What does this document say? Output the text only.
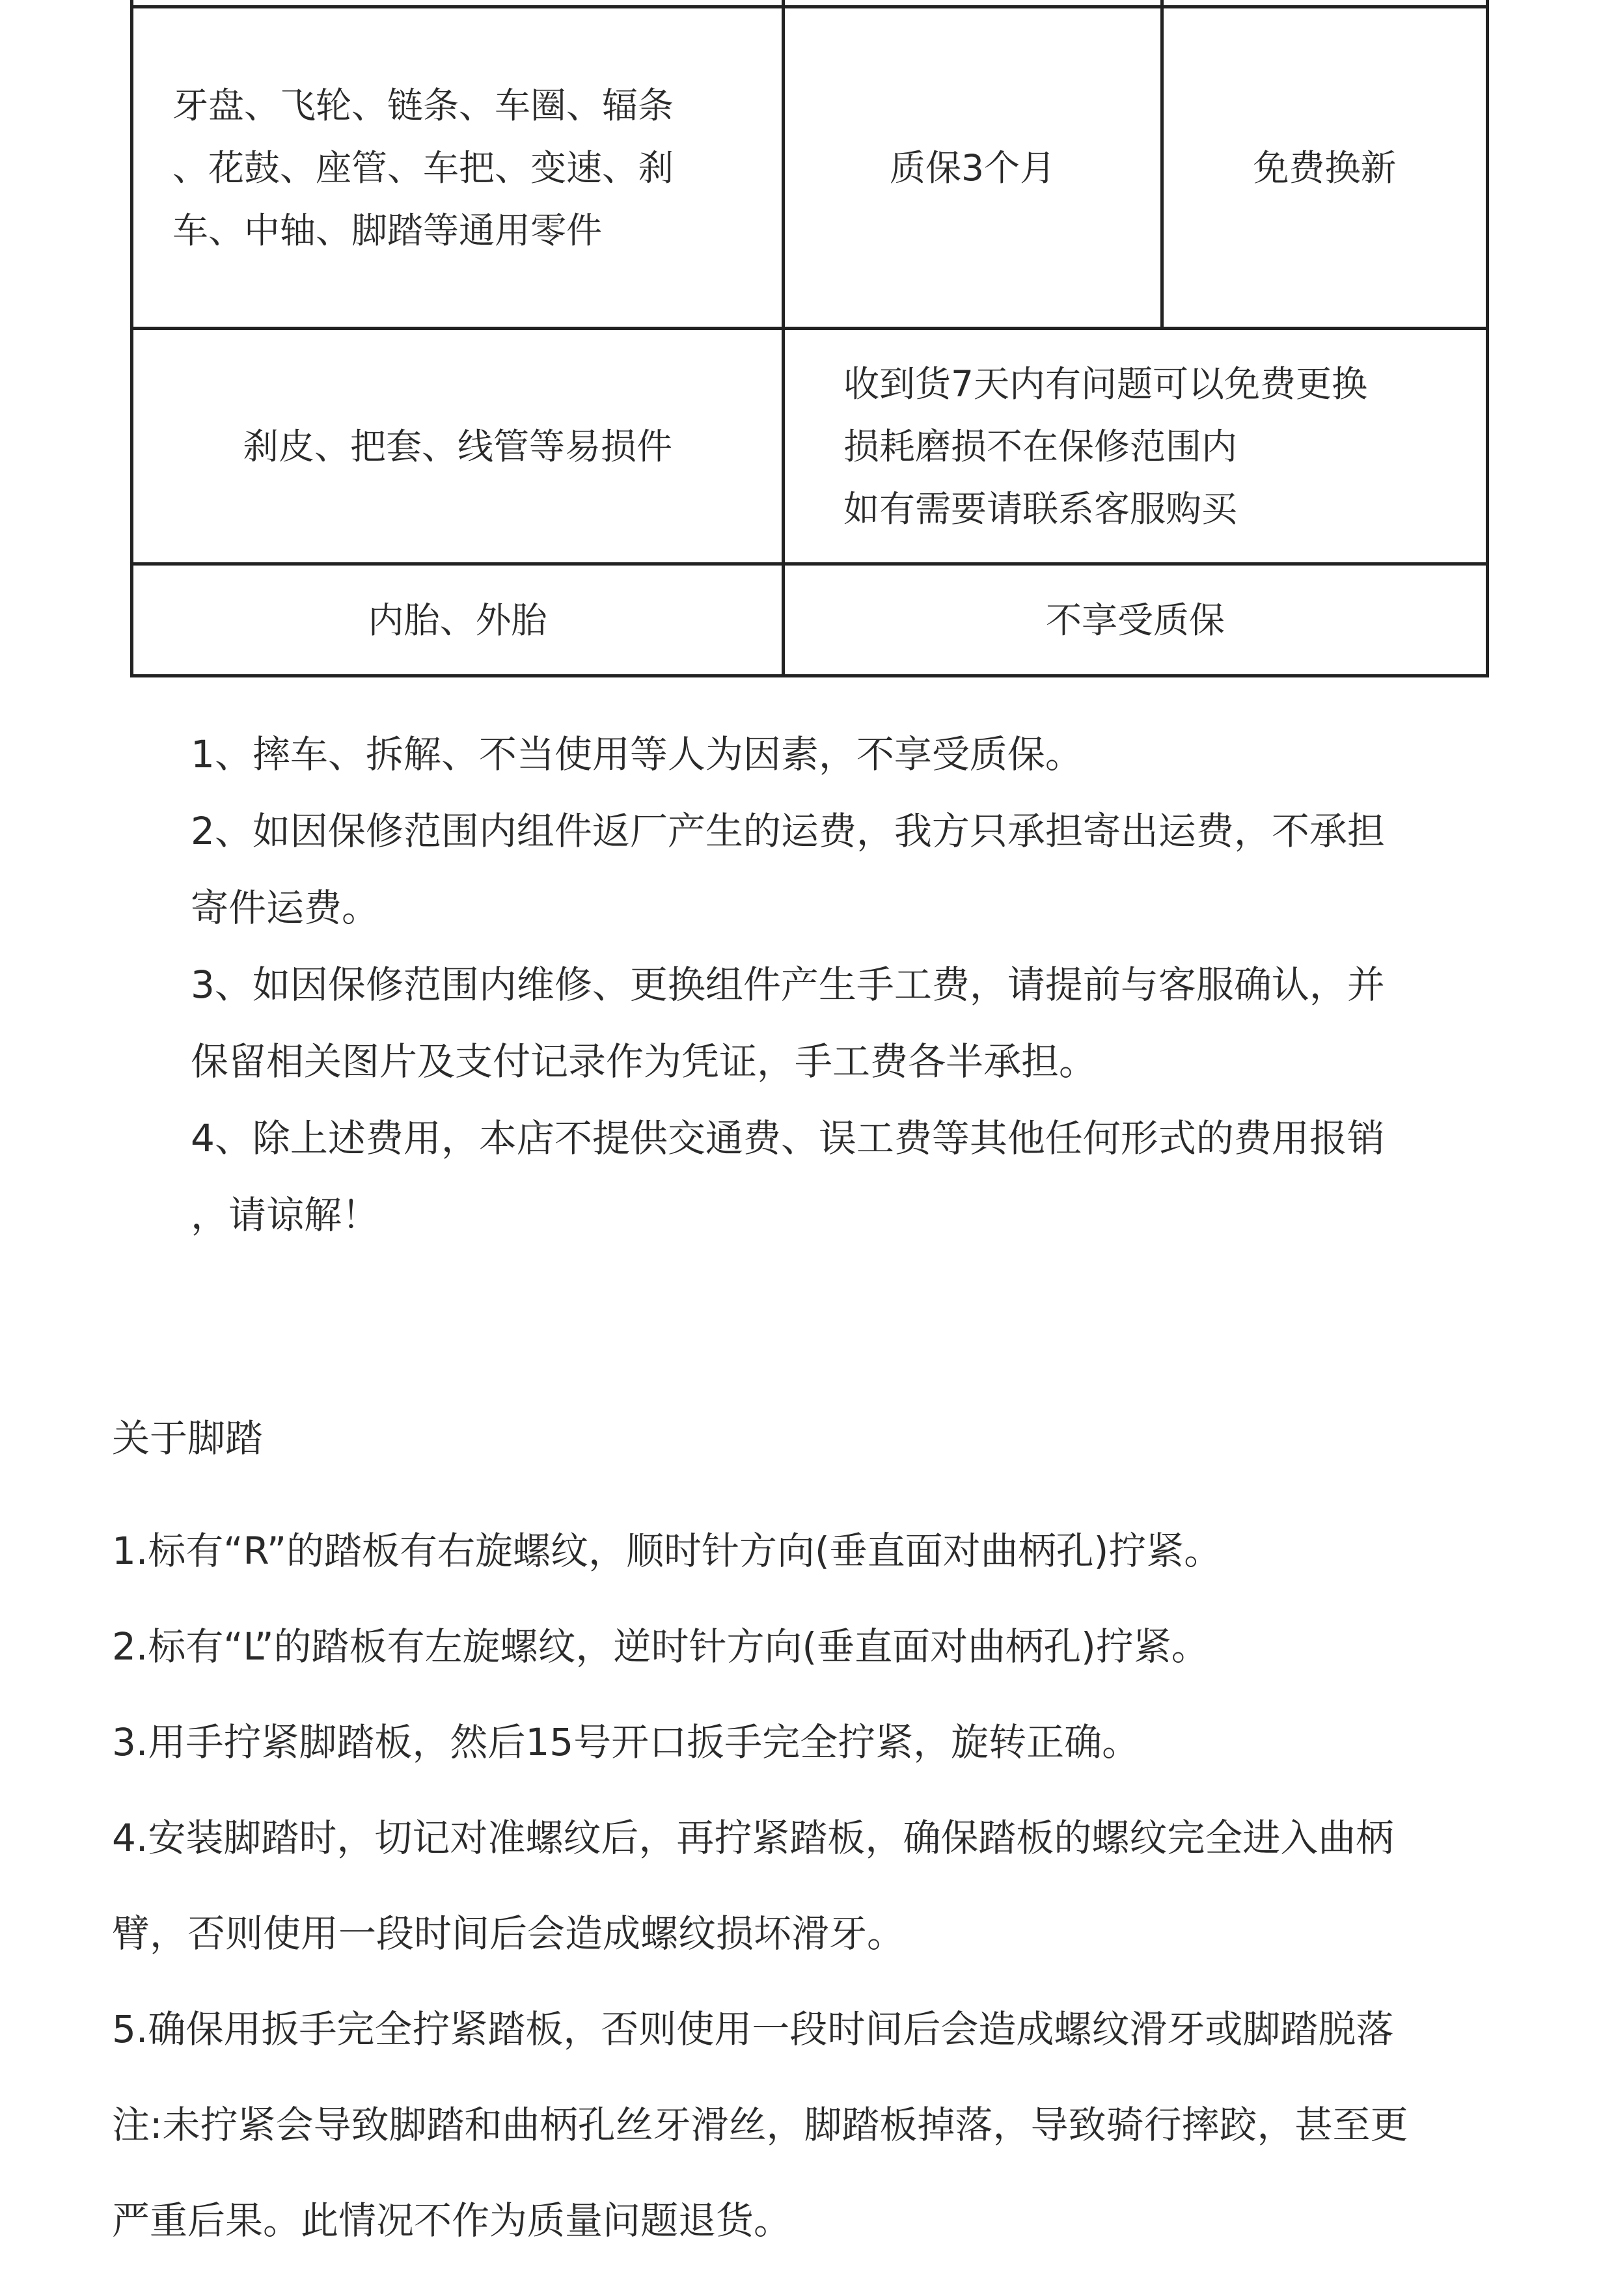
牙盘、飞轮、链条、车圈、辐条
、花鼓、座管、车把、变速、刹
车、中轴、脚踏等通用零件	质保3个月	免费换新
刹皮、把套、线管等易损件	收到货7天内有问题可以免费更换
损耗磨损不在保修范围内
如有需要请联系客服购买	

内胎、外胎	不享受质保	

1、摔车、拆解、不当使用等人为因素，不享受质保。

2、如因保修范围内组件返厂产生的运费，我方只承担寄出运费，不承担

寄件运费。

3、如因保修范围内维修、更换组件产生手工费，请提前与客服确认，并

保留相关图片及支付记录作为凭证，手工费各半承担。

4、除上述费用，本店不提供交通费、误工费等其他任何形式的费用报销

，请谅解！

关于脚踏

1.标有“R”的踏板有右旋螺纹，顺时针方向(垂直面对曲柄孔)拧紧。

2.标有“L”的踏板有左旋螺纹，逆时针方向(垂直面对曲柄孔)拧紧。

3.用手拧紧脚踏板，然后15号开口扳手完全拧紧，旋转正确。

4.安装脚踏时，切记对准螺纹后，再拧紧踏板，确保踏板的螺纹完全进入曲柄

臂，否则使用一段时间后会造成螺纹损坏滑牙。

5.确保用扳手完全拧紧踏板，否则使用一段时间后会造成螺纹滑牙或脚踏脱落

注:未拧紧会导致脚踏和曲柄孔丝牙滑丝，脚踏板掉落，导致骑行摔跤，甚至更

严重后果。此情况不作为质量问题退货。
